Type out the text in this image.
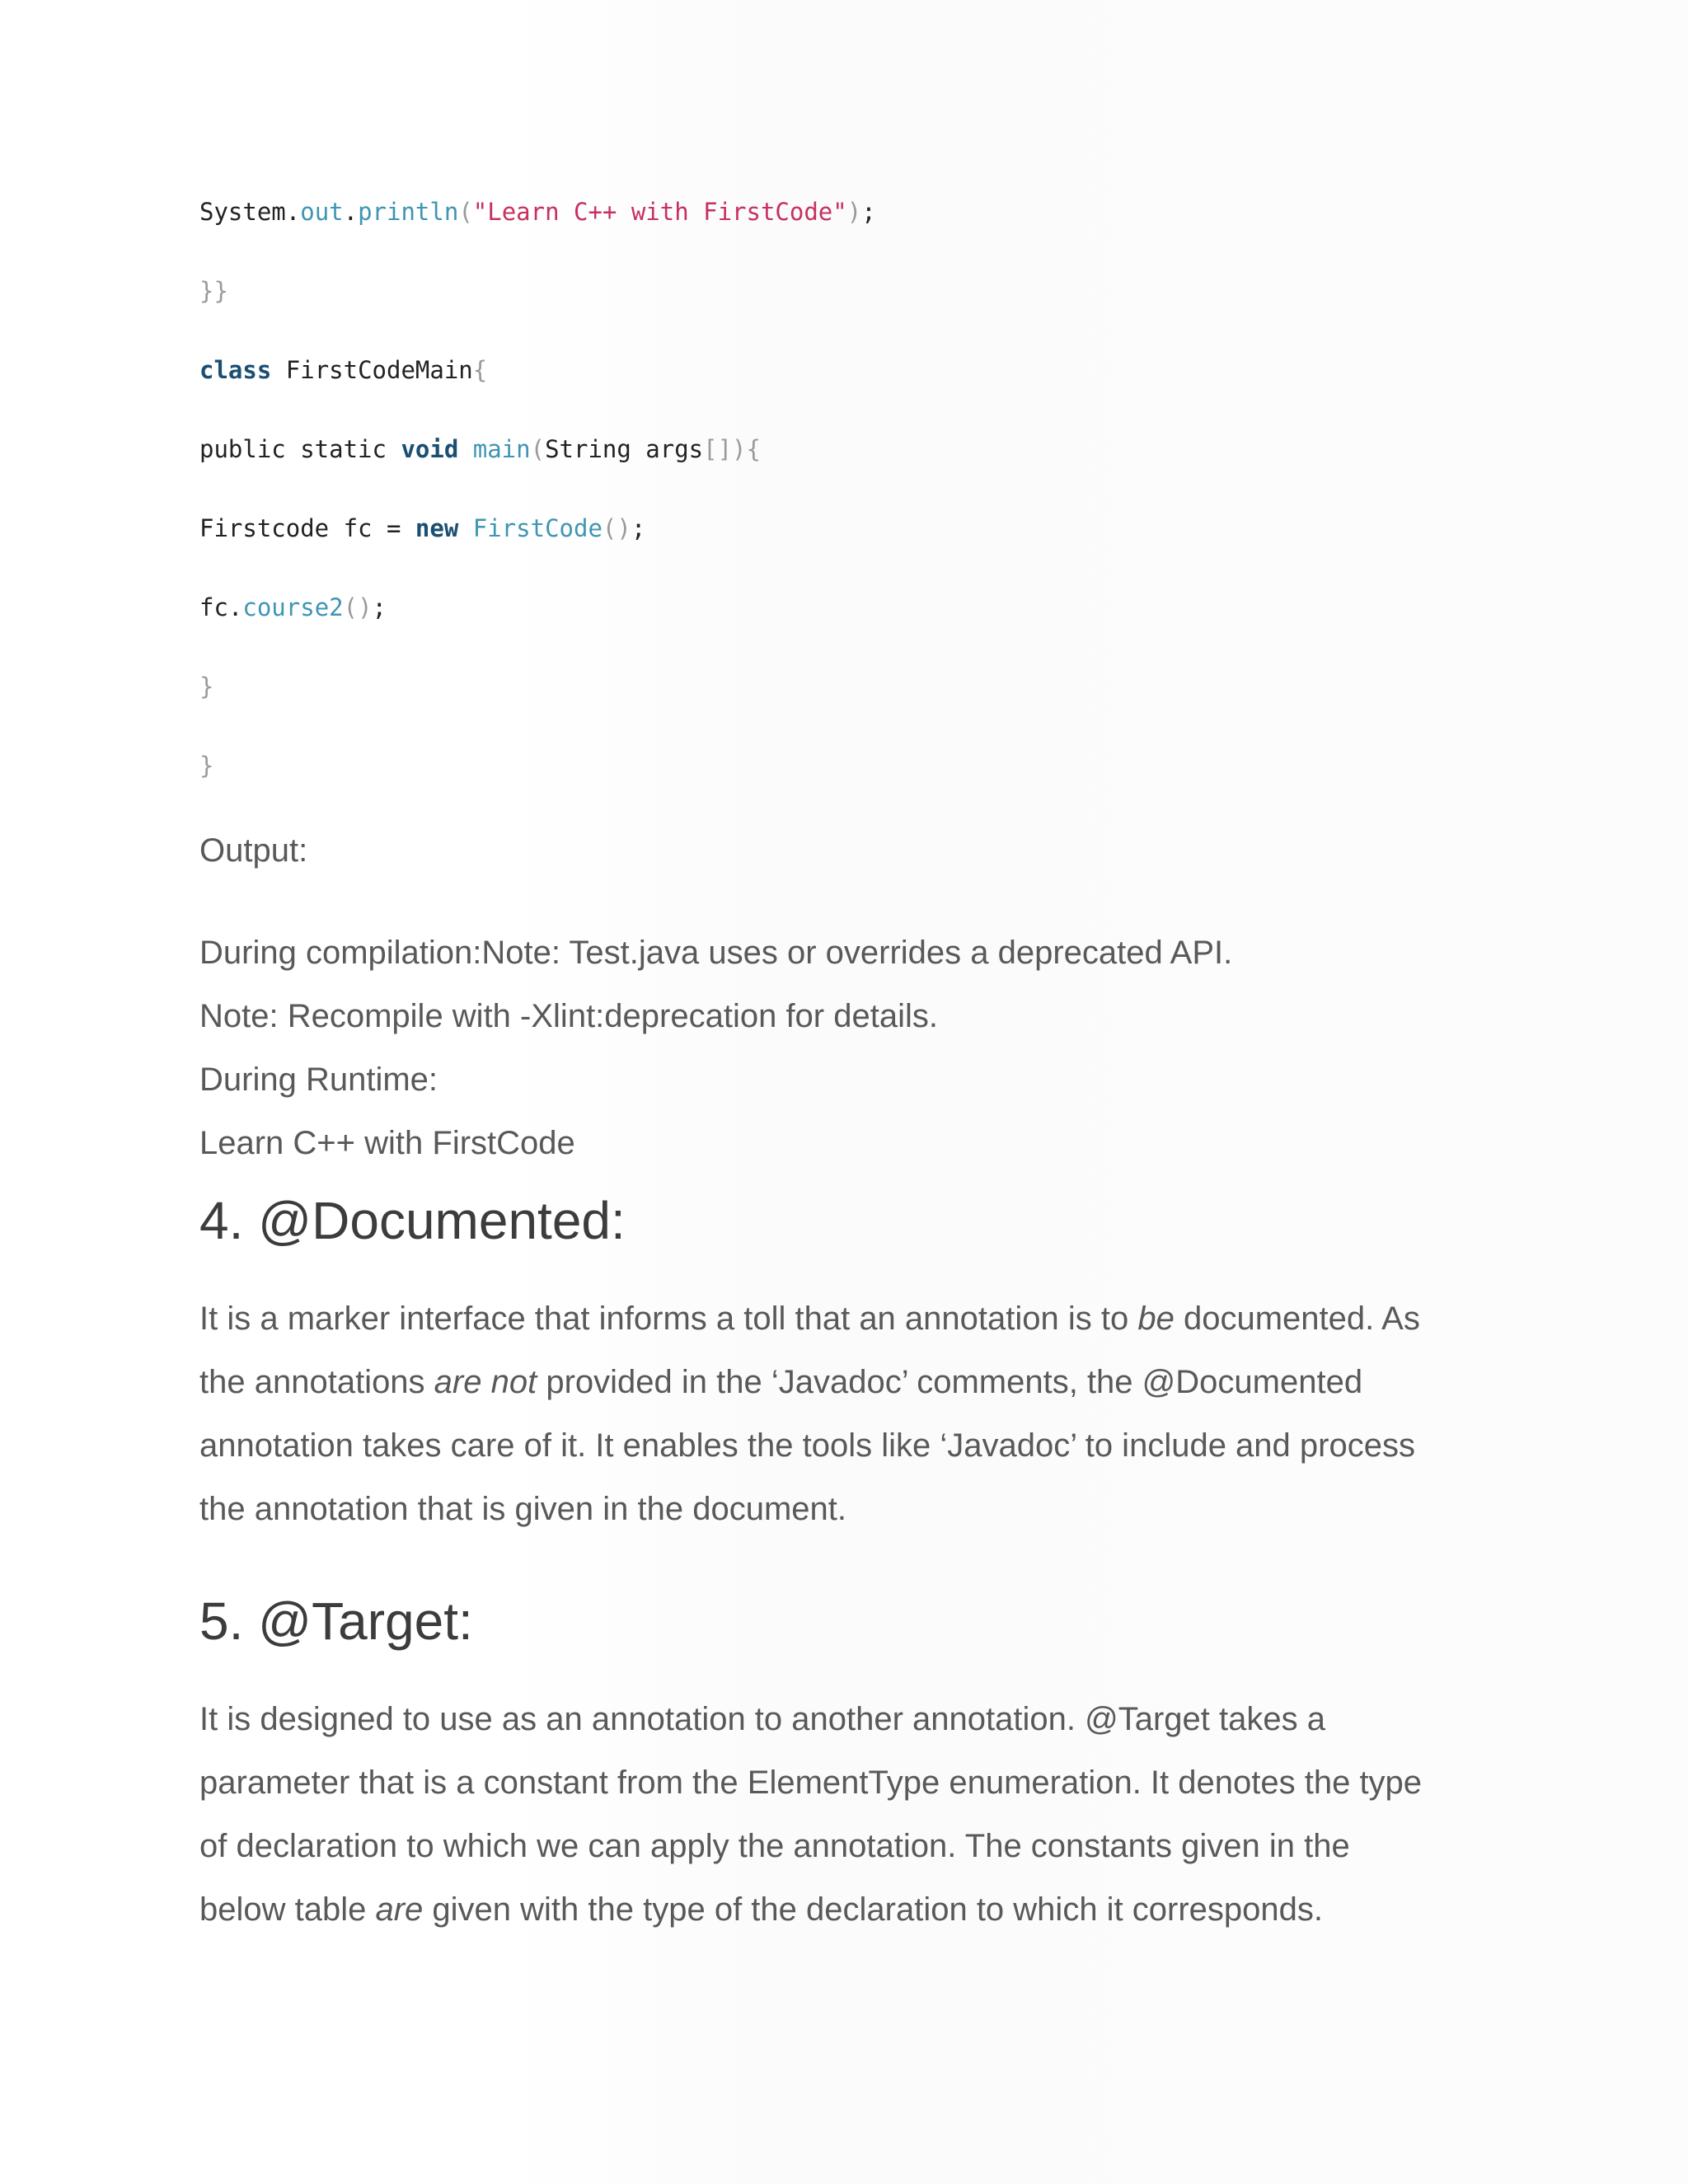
System.out.println("Learn C++ with FirstCode");
}}
class FirstCodeMain{
public static void main(String args[]){
Firstcode fc = new FirstCode();
fc.course2();
}
}
Output:
During compilation:Note: Test.java uses or overrides a deprecated API.
Note: Recompile with -Xlint:deprecation for details.
During Runtime:
Learn C++ with FirstCode
4. @Documented:
It is a marker interface that informs a toll that an annotation is to be documented. As
the annotations are not provided in the ‘Javadoc’ comments, the @Documented
annotation takes care of it. It enables the tools like ‘Javadoc’ to include and process
the annotation that is given in the document.
5. @Target:
It is designed to use as an annotation to another annotation. @Target takes a
parameter that is a constant from the ElementType enumeration. It denotes the type
of declaration to which we can apply the annotation. The constants given in the
below table are given with the type of the declaration to which it corresponds.
